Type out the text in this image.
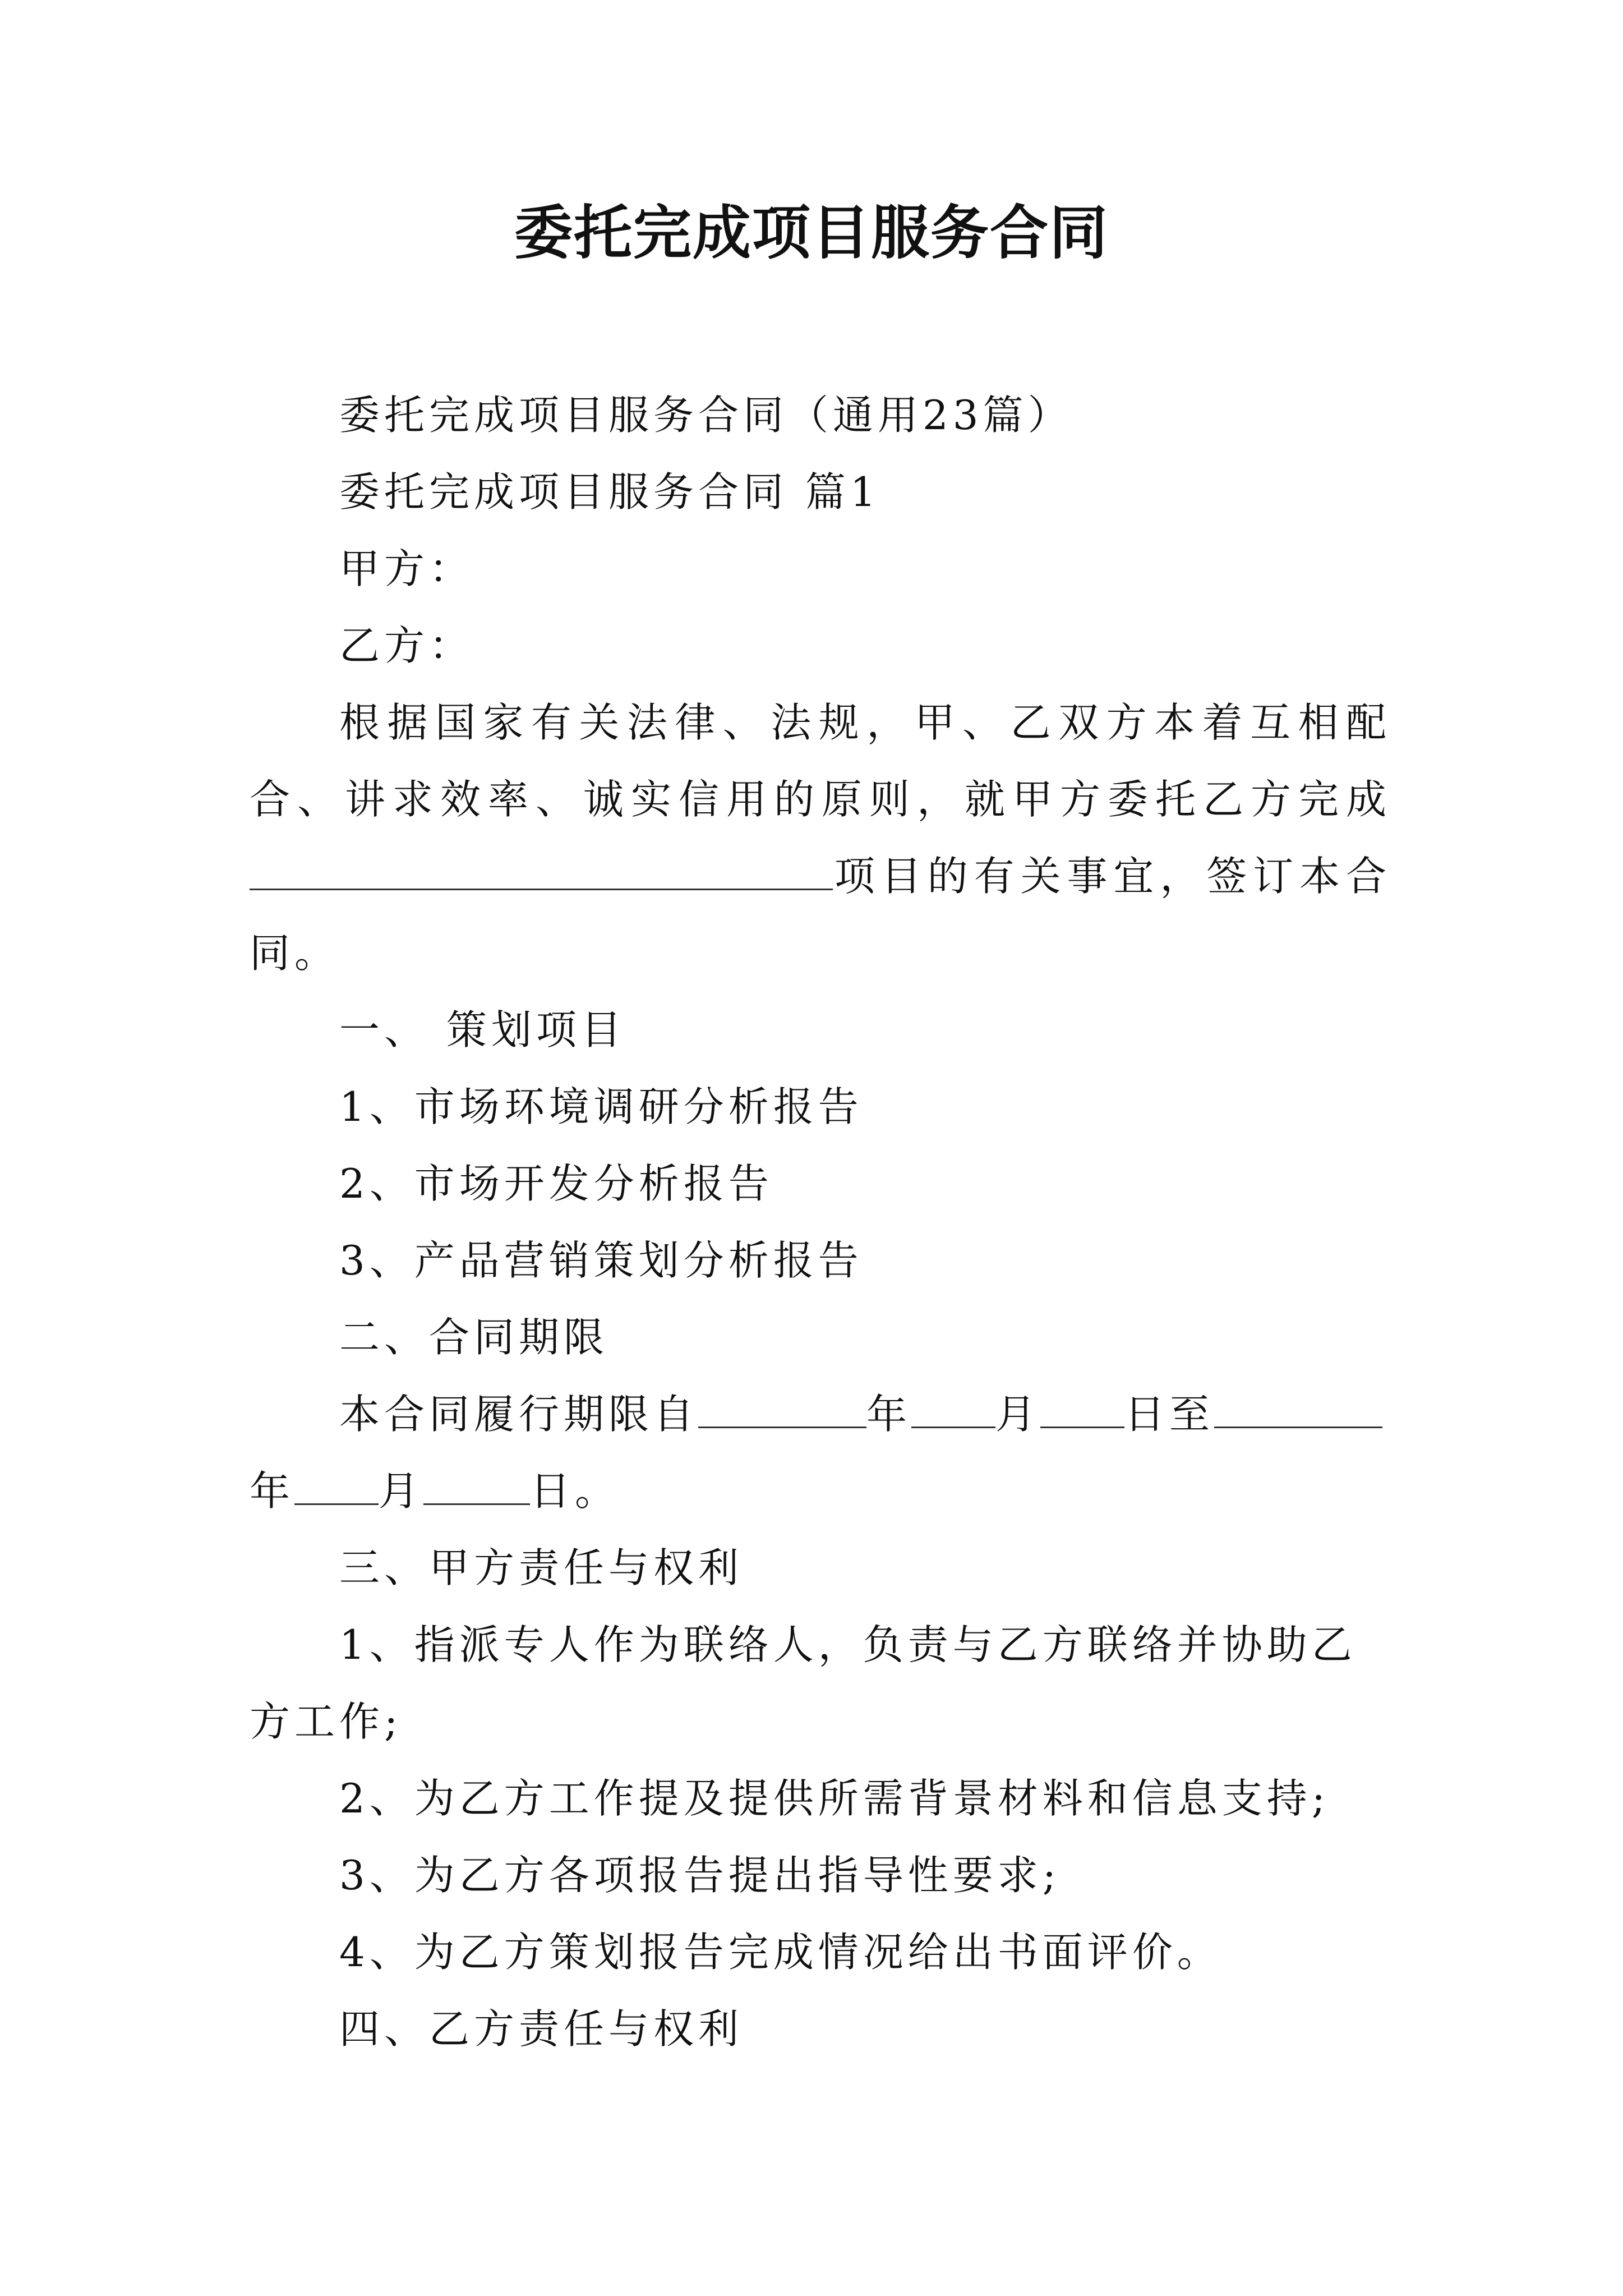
委托完成项目服务合同

委托完成项目服务合同（通用23篇）

委托完成项目服务合同 篇1

甲方：

乙方：

根据国家有关法律、法规，甲、乙双方本着互相配合、讲求效率、诚实信用的原则，就甲方委托乙方完成项目的有关事宜，签订本合同。

一、 策划项目

1、市场环境调研分析报告

2、市场开发分析报告

3、产品营销策划分析报告

二、合同期限

本合同履行期限自	年 月 日至年 月	日。

三、甲方责任与权利

1、指派专人作为联络人，负责与乙方联络并协助乙方工作;

2、为乙方工作提及提供所需背景材料和信息支持;

3、为乙方各项报告提出指导性要求;

4、为乙方策划报告完成情况给出书面评价。

四、乙方责任与权利
